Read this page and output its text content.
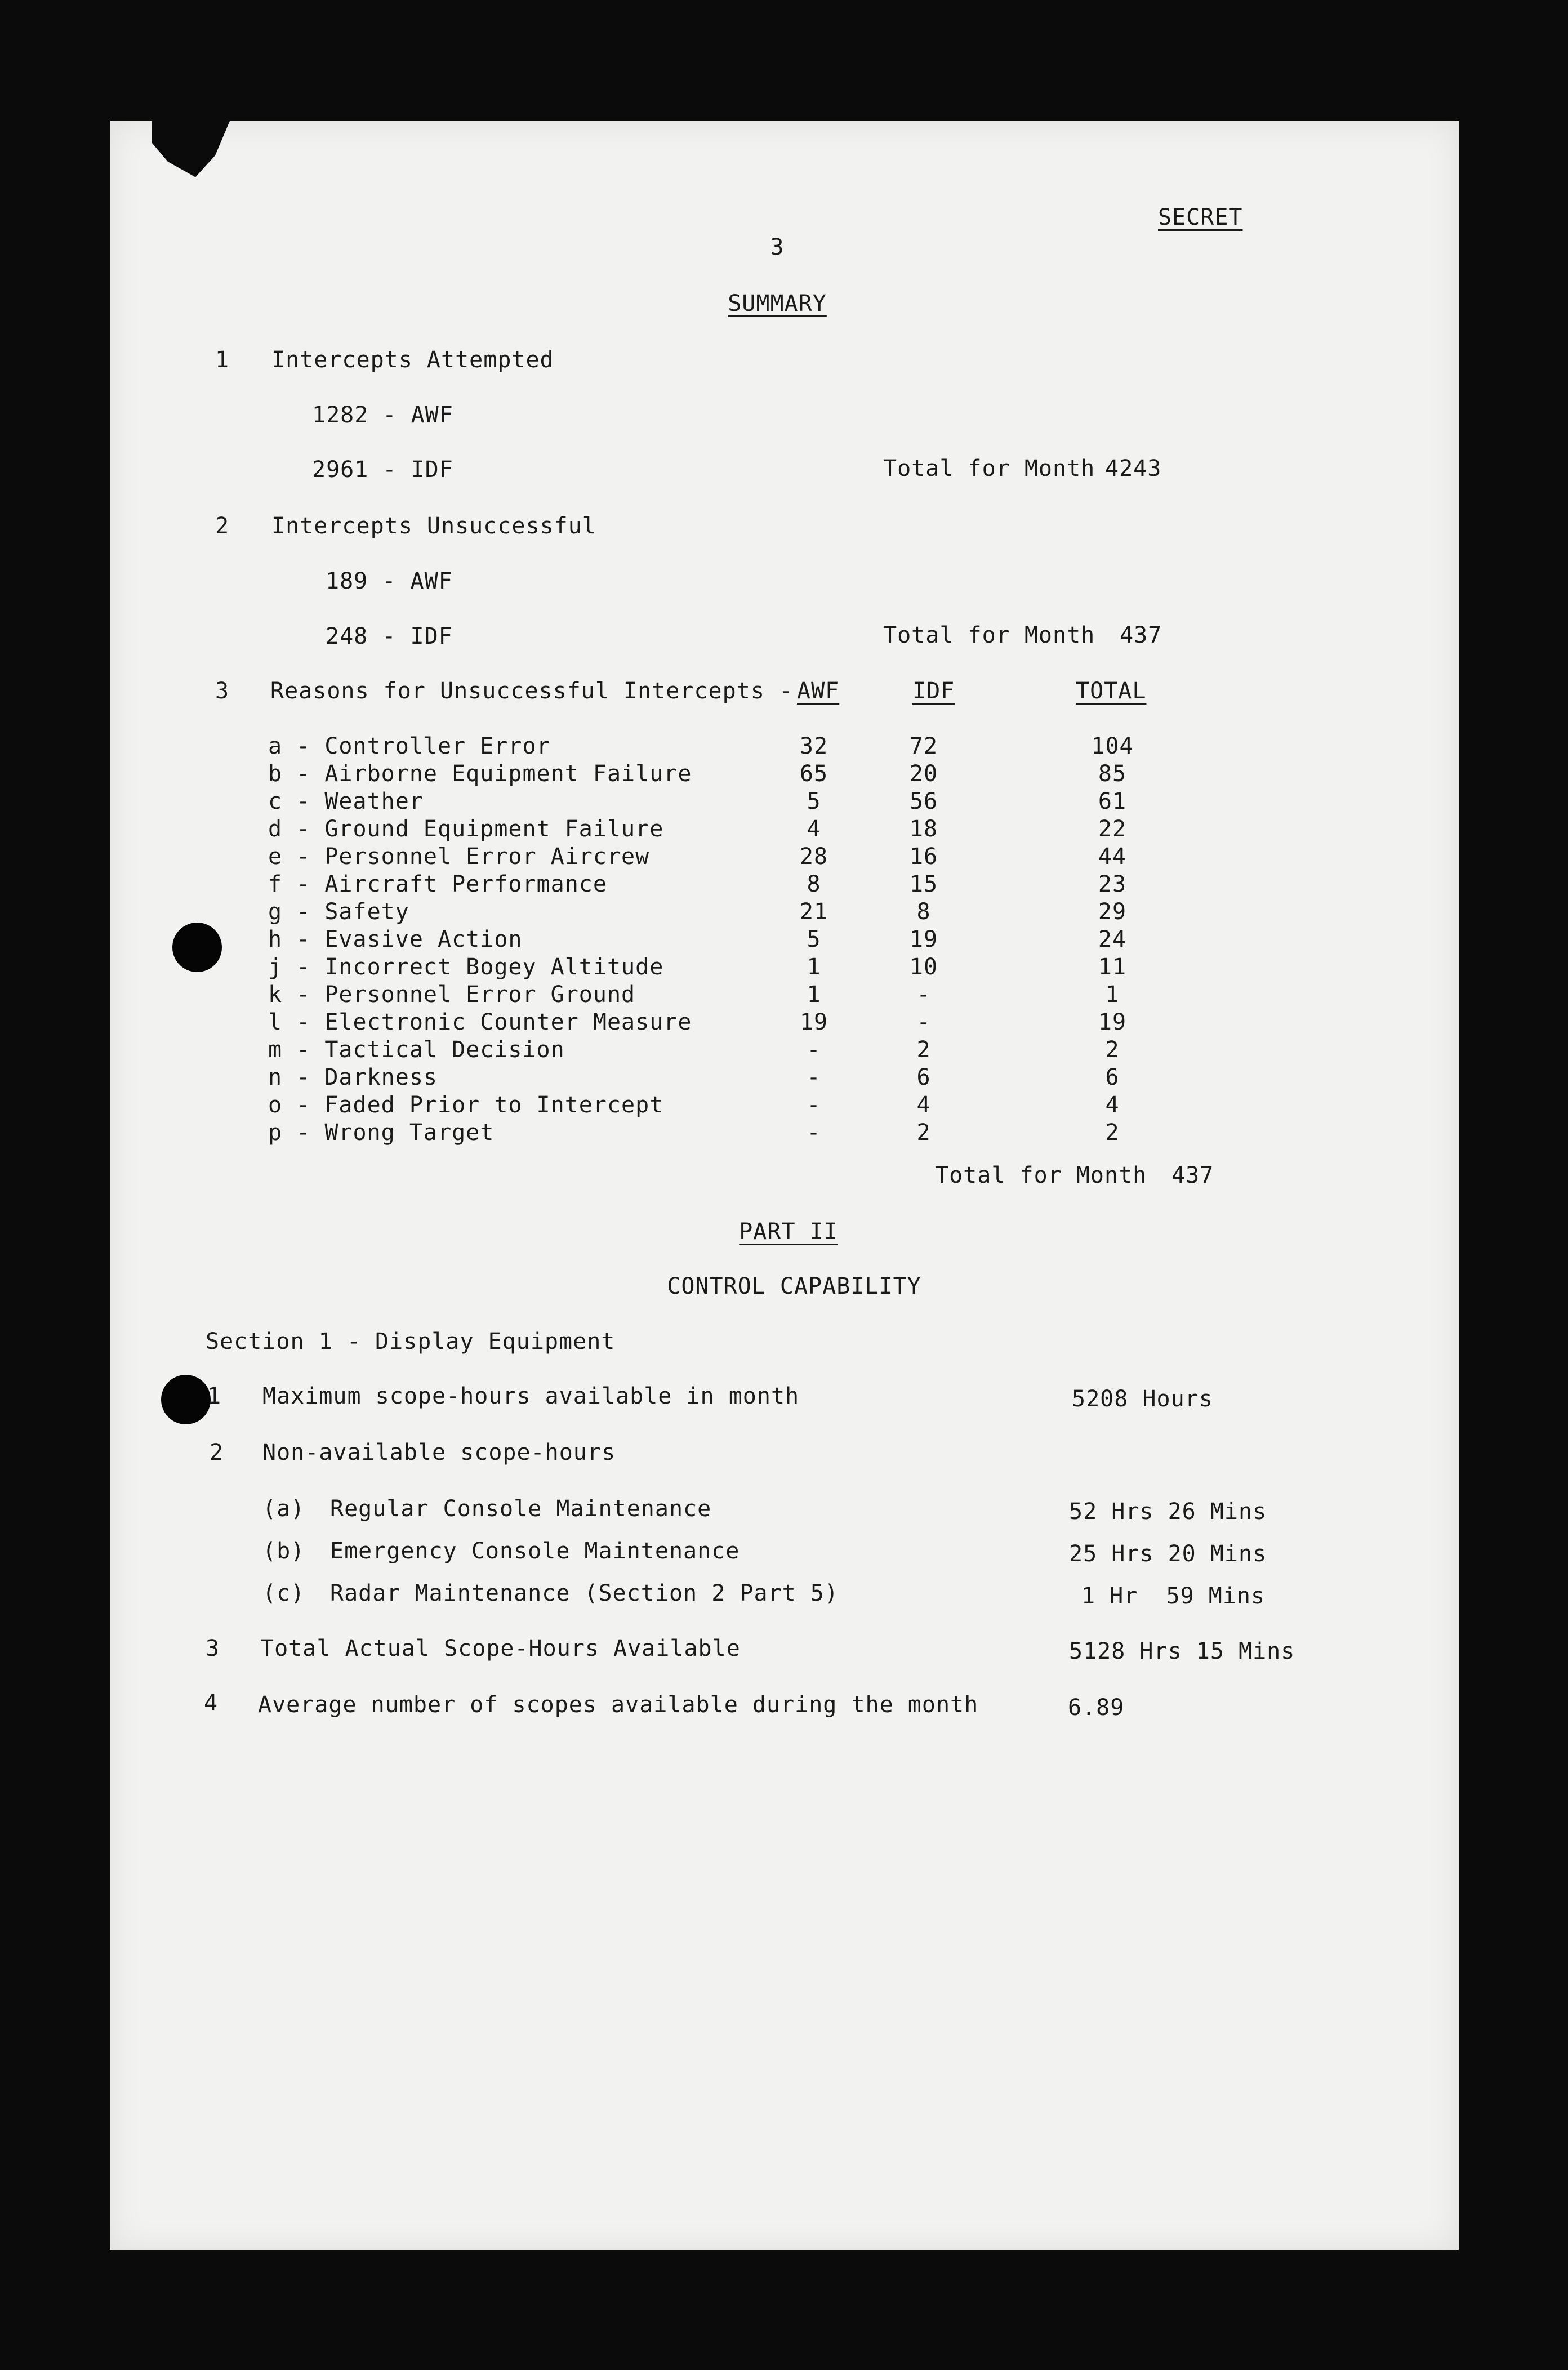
3
SECRET
SUMMARY
1 Intercepts Attempted
1282 - AWF
2961 - IDF	Total for Month 4243
2 Intercepts Unsuccessful
189 - AWF
248 - IDF	Total for Month 437
3 Reasons for Unsuccessful Intercepts - AWF	IDF	TOTAL
a - Controller Error	32	72	104
b - Airborne Equipment Failure	65	20	85
c - Weather	5	56	61
d - Ground Equipment Failure	4	18	22
e - Personnel Error Aircrew	28	16	44
f - Aircraft Performance	8	15	23
g - Safety	21	8	29
h - Evasive Action	5	19	24
j - Incorrect Bogey Altitude	1	10	11
k - Personnel Error Ground	1	-	1
l - Electronic Counter Measure	19	-	19
m - Tactical Decision	-	2	2
n - Darkness	-	6	6
o - Faded Prior to Intercept	-	4	4
p - Wrong Target	-	2	2
Total for Month 437
PART II
CONTROL CAPABILITY
Section 1 - Display Equipment
1 Maximum scope-hours available in month	5208 Hours
2 Non-available scope-hours
(a) Regular Console Maintenance	52 Hrs 26 Mins
(b) Emergency Console Maintenance	25 Hrs 20 Mins
(c) Radar Maintenance (Section 2 Part 5)	1 Hr  59 Mins
3 Total Actual Scope-Hours Available	5128 Hrs 15 Mins
4 Average number of scopes available during the month	6.89
